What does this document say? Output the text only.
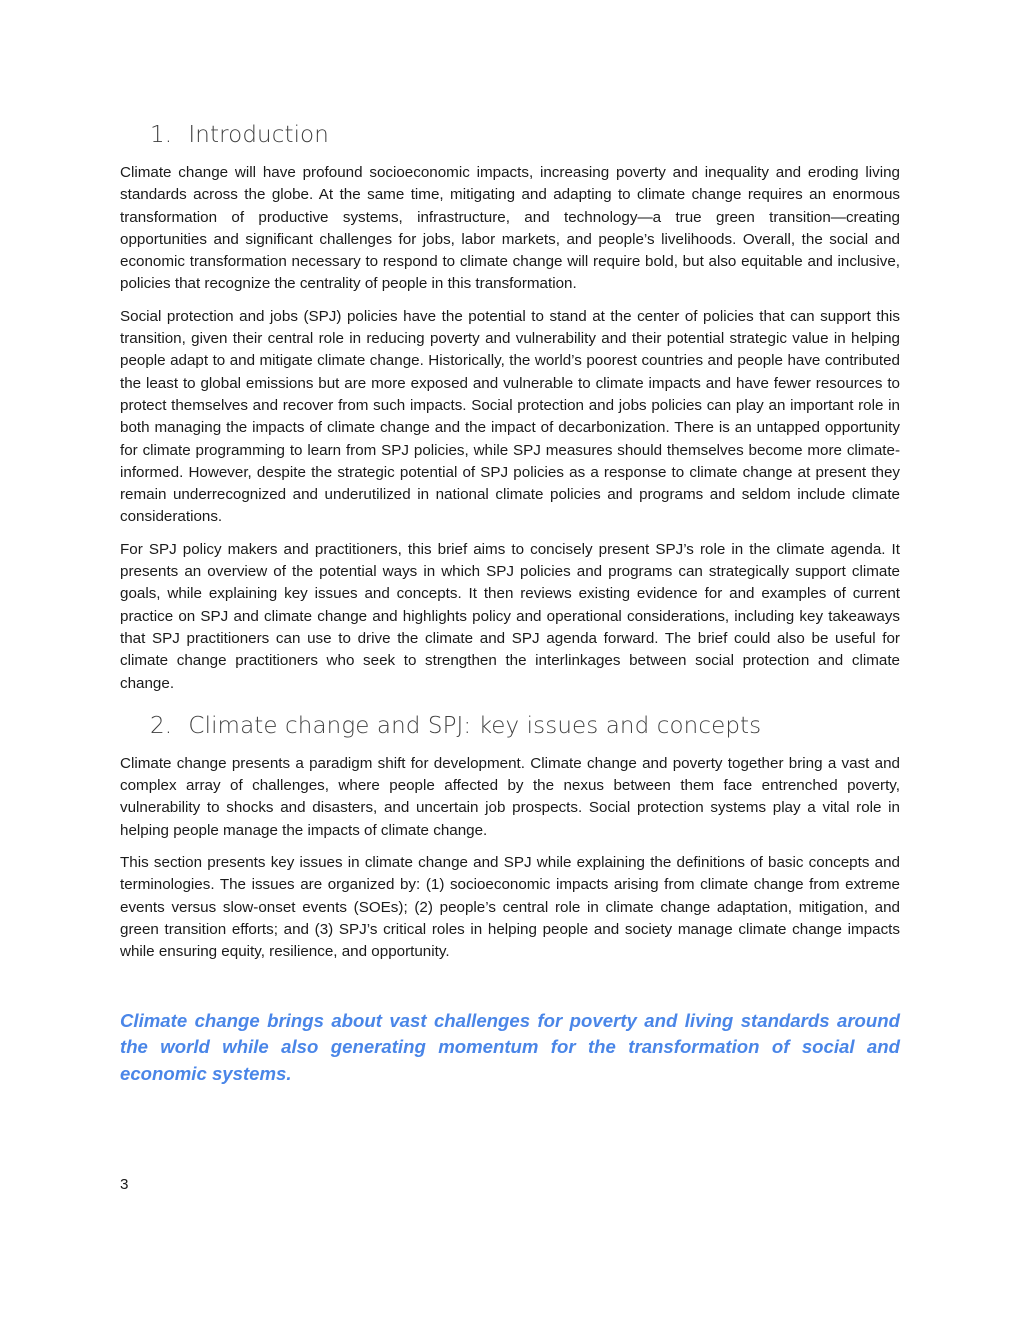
1. Introduction

Climate change will have profound socioeconomic impacts, increasing poverty and inequality and eroding living standards across the globe. At the same time, mitigating and adapting to climate change requires an enormous transformation of productive systems, infrastructure, and technology—a true green transition—creating opportunities and significant challenges for jobs, labor markets, and people’s livelihoods. Overall, the social and economic transformation necessary to respond to climate change will require bold, but also equitable and inclusive, policies that recognize the centrality of people in this transformation.

Social protection and jobs (SPJ) policies have the potential to stand at the center of policies that can support this transition, given their central role in reducing poverty and vulnerability and their potential strategic value in helping people adapt to and mitigate climate change. Historically, the world’s poorest countries and people have contributed the least to global emissions but are more exposed and vulnerable to climate impacts and have fewer resources to protect themselves and recover from such impacts. Social protection and jobs policies can play an important role in both managing the impacts of climate change and the impact of decarbonization. There is an untapped opportunity for climate programming to learn from SPJ policies, while SPJ measures should themselves become more climate-informed. However, despite the strategic potential of SPJ policies as a response to climate change at present they remain underrecognized and underutilized in national climate policies and programs and seldom include climate considerations.

For SPJ policy makers and practitioners, this brief aims to concisely present SPJ’s role in the climate agenda. It presents an overview of the potential ways in which SPJ policies and programs can strategically support climate goals, while explaining key issues and concepts. It then reviews existing evidence for and examples of current practice on SPJ and climate change and highlights policy and operational considerations, including key takeaways that SPJ practitioners can use to drive the climate and SPJ agenda forward. The brief could also be useful for climate change practitioners who seek to strengthen the interlinkages between social protection and climate change.

2. Climate change and SPJ: key issues and concepts

Climate change presents a paradigm shift for development. Climate change and poverty together bring a vast and complex array of challenges, where people affected by the nexus between them face entrenched poverty, vulnerability to shocks and disasters, and uncertain job prospects. Social protection systems play a vital role in helping people manage the impacts of climate change.

This section presents key issues in climate change and SPJ while explaining the definitions of basic concepts and terminologies. The issues are organized by: (1) socioeconomic impacts arising from climate change from extreme events versus slow-onset events (SOEs); (2) people’s central role in climate change adaptation, mitigation, and green transition efforts; and (3) SPJ’s critical roles in helping people and society manage climate change impacts while ensuring equity, resilience, and opportunity.

Climate change brings about vast challenges for poverty and living standards around the world while also generating momentum for the transformation of social and economic systems.
3
